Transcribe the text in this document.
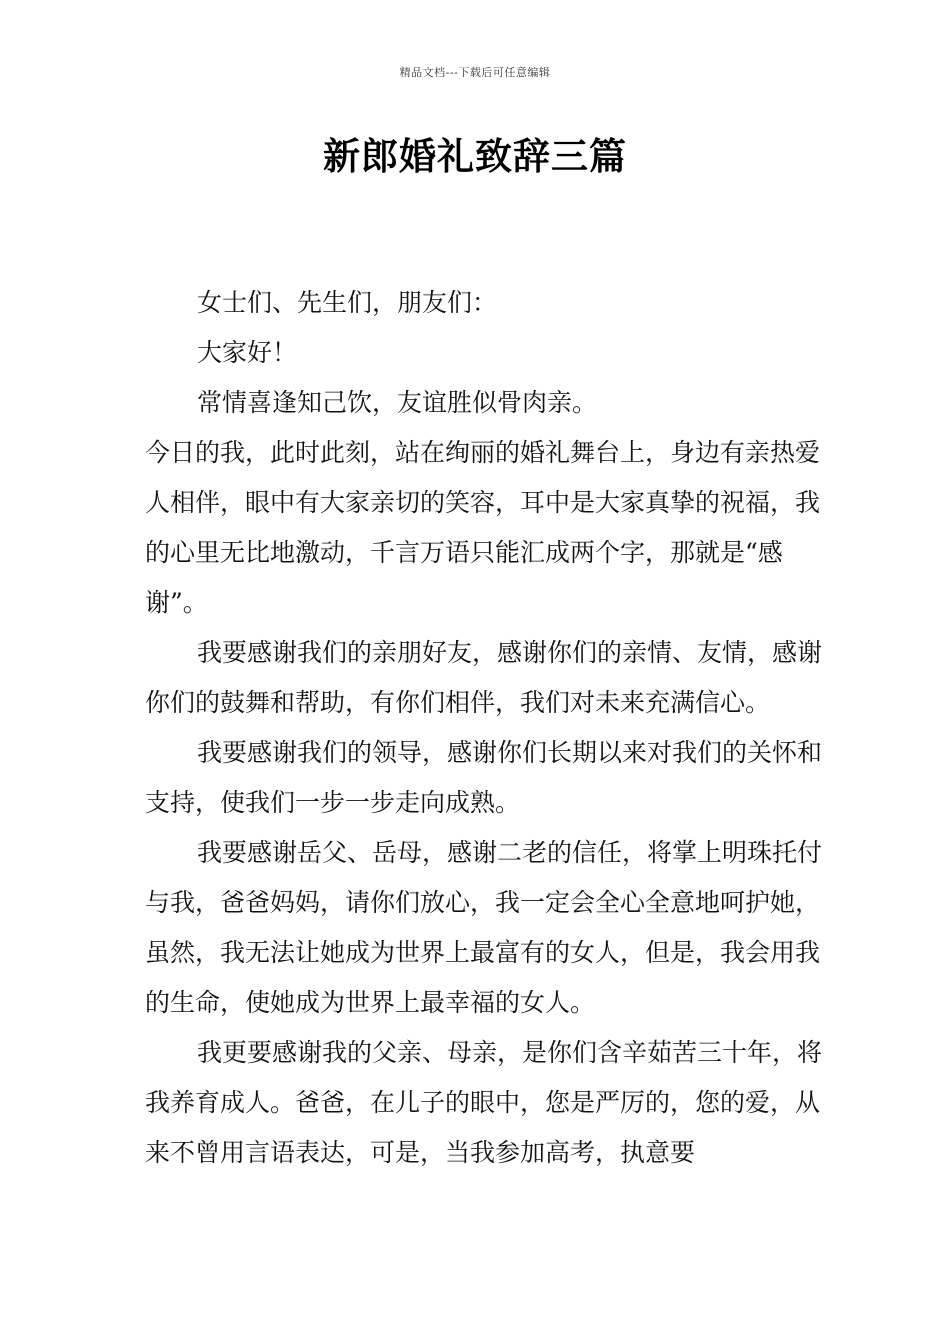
精品文档---下载后可任意编辑
新郎婚礼致辞三篇

女士们、先生们，朋友们：

大家好！

常情喜逢知己饮，友谊胜似骨肉亲。

今日的我，此时此刻，站在绚丽的婚礼舞台上，身边有亲热爱人相伴，眼中有大家亲切的笑容，耳中是大家真挚的祝福，我的心里无比地激动，千言万语只能汇成两个字，那就是“感谢”。

我要感谢我们的亲朋好友，感谢你们的亲情、友情，感谢你们的鼓舞和帮助，有你们相伴，我们对未来充满信心。

我要感谢我们的领导，感谢你们长期以来对我们的关怀和支持，使我们一步一步走向成熟。

我要感谢岳父、岳母，感谢二老的信任，将掌上明珠托付与我，爸爸妈妈，请你们放心，我一定会全心全意地呵护她，虽然，我无法让她成为世界上最富有的女人，但是，我会用我的生命，使她成为世界上最幸福的女人。

我更要感谢我的父亲、母亲，是你们含辛茹苦三十年，将我养育成人。爸爸，在儿子的眼中，您是严厉的，您的爱，从来不曾用言语表达，可是，当我参加高考，执意要
